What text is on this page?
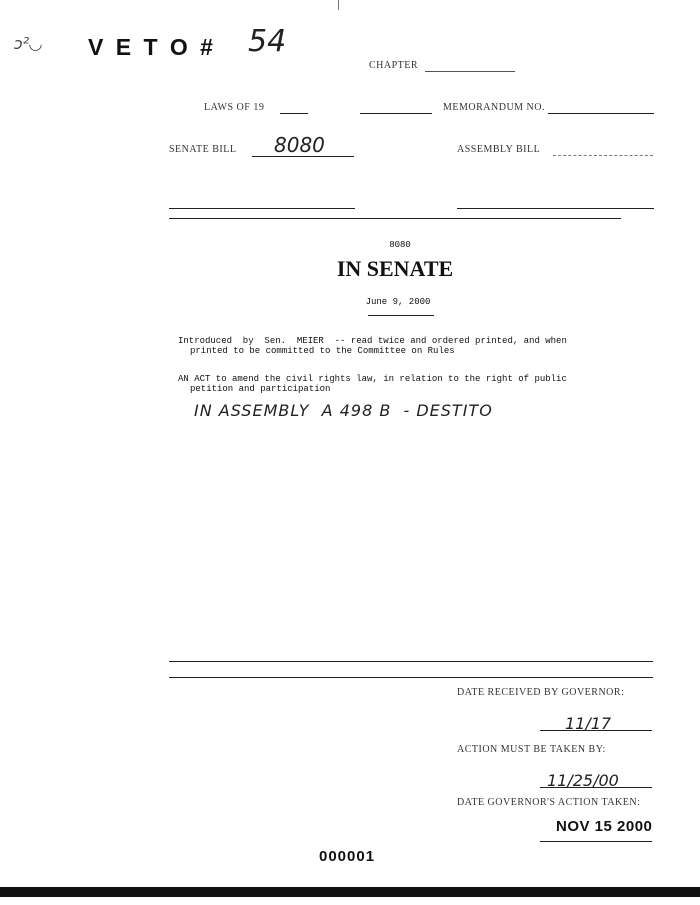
ↄ²◡ V E T O # 54
CHAPTER
LAWS OF 19	MEMORANDUM NO.
SENATE BILL 8080	ASSEMBLY BILL
8080
IN SENATE
June 9, 2000
Introduced  by  Sen.  MEIER  -- read twice and ordered printed, and when
printed to be committed to the Committee on Rules
AN ACT to amend the civil rights law, in relation to the right of public
petition and participation
IN ASSEMBLY  A 498 B  - DESTITO
DATE RECEIVED BY GOVERNOR:
11/17
ACTION MUST BE TAKEN BY:
11/25/00
DATE GOVERNOR'S ACTION TAKEN:
NOV 15 2000
000001
